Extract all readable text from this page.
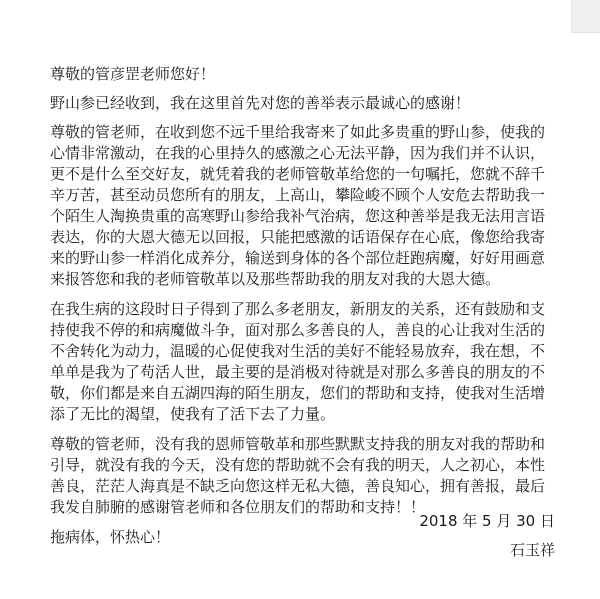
尊敬的管彦罡老师您好！

野山参已经收到，我在这里首先对您的善举表示最诚心的感谢！

尊敬的管老师，在收到您不远千里给我寄来了如此多贵重的野山参，使我的心情非常激动，在我的心里持久的感激之心无法平静，因为我们并不认识，更不是什么至交好友，就凭着我的老师管敬革给您的一句嘱托，您就不辞千辛万苦，甚至动员您所有的朋友，上高山，攀险峻不顾个人安危去帮助我一个陌生人淘换贵重的高寒野山参给我补气治病，您这种善举是我无法用言语表达，你的大恩大德无以回报，只能把感激的话语保存在心底，像您给我寄来的野山参一样消化成养分，输送到身体的各个部位赶跑病魔，好好用画意来报答您和我的老师管敬革以及那些帮助我的朋友对我的大恩大德。

在我生病的这段时日子得到了那么多老朋友，新朋友的关系，还有鼓励和支持使我不停的和病魔做斗争，面对那么多善良的人，善良的心让我对生活的不舍转化为动力，温暖的心促使我对生活的美好不能轻易放弃，我在想，不单单是我为了苟活人世，最主要的是消极对待就是对那么多善良的朋友的不敬，你们都是来自五湖四海的陌生朋友，您们的帮助和支持，使我对生活增添了无比的渴望，使我有了活下去了力量。

尊敬的管老师，没有我的恩师管敬革和那些默默支持我的朋友对我的帮助和引导，就没有我的今天，没有您的帮助就不会有我的明天，人之初心，本性善良，茫茫人海真是不缺乏向您这样无私大德，善良知心，拥有善报，最后我发自肺腑的感谢管老师和各位朋友们的帮助和支持！！

拖病体，怀热心！

2018 年 5 月 30 日
石玉祥
